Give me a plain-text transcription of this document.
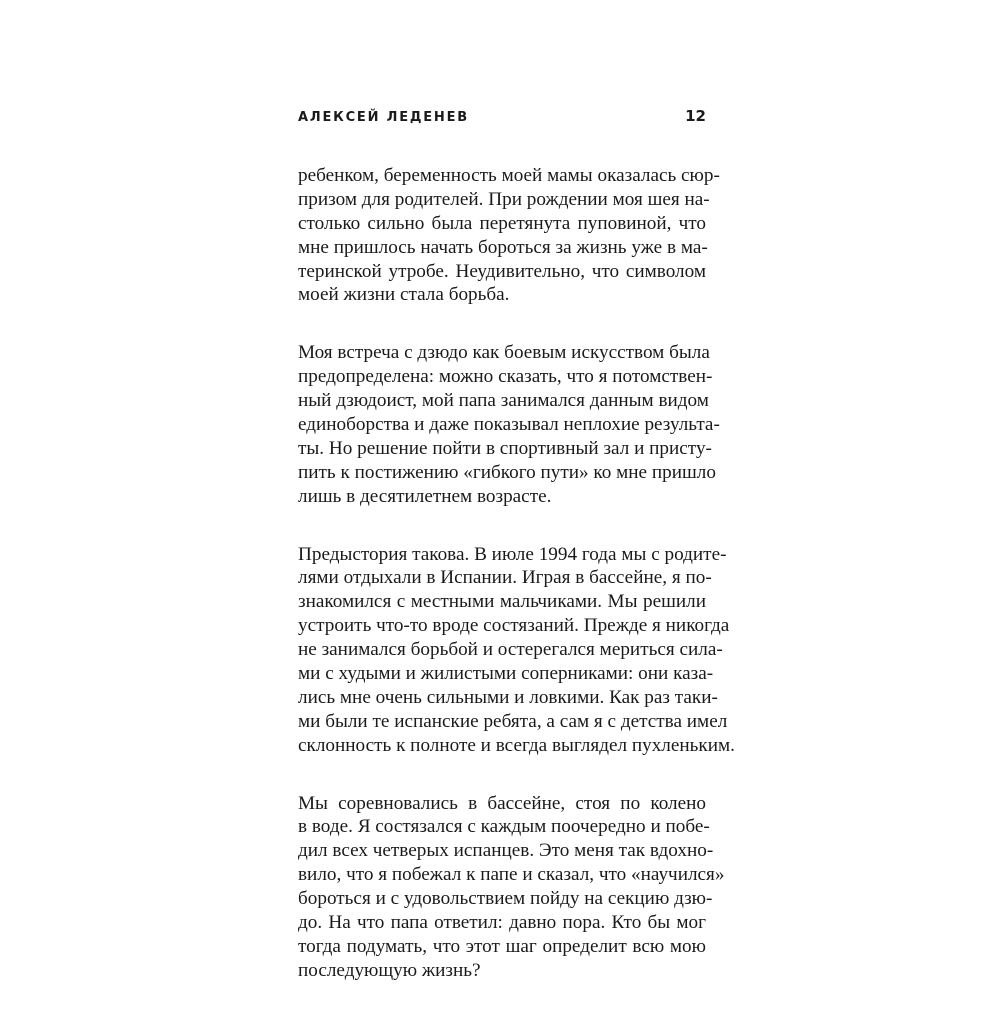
АЛЕКСЕЙ ЛЕДЕНЕВ	12
ребенком, беременность моей мамы оказалась сюр-
призом для родителей. При рождении моя шея на-
столько сильно была перетянута пуповиной, что
мне пришлось начать бороться за жизнь уже в ма-
теринской утробе. Неудивительно, что символом
моей жизни стала борьба.
Моя встреча с дзюдо как боевым искусством была
предопределена: можно сказать, что я потомствен-
ный дзюдоист, мой папа занимался данным видом
единоборства и даже показывал неплохие результа-
ты. Но решение пойти в спортивный зал и присту-
пить к постижению «гибкого пути» ко мне пришло
лишь в десятилетнем возрасте.
Предыстория такова. В июле 1994 года мы с родите-
лями отдыхали в Испании. Играя в бассейне, я по-
знакомился с местными мальчиками. Мы решили
устроить что-то вроде состязаний. Прежде я никогда
не занимался борьбой и остерегался мериться сила-
ми с худыми и жилистыми соперниками: они каза-
лись мне очень сильными и ловкими. Как раз таки-
ми были те испанские ребята, а сам я с детства имел
склонность к полноте и всегда выглядел пухленьким.
Мы соревновались в бассейне, стоя по колено
в воде. Я состязался с каждым поочередно и побе-
дил всех четверых испанцев. Это меня так вдохно-
вило, что я побежал к папе и сказал, что «научился»
бороться и с удовольствием пойду на секцию дзю-
до. На что папа ответил: давно пора. Кто бы мог
тогда подумать, что этот шаг определит всю мою
последующую жизнь?
